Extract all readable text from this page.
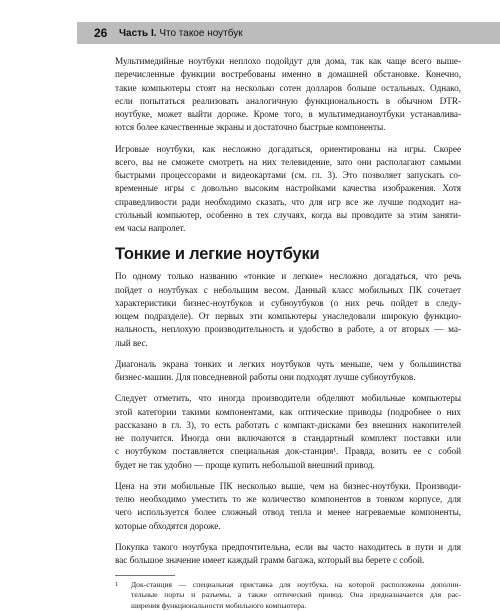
26	Часть I. Что такое ноутбук

Мультимедийные ноутбуки неплохо подойдут для дома, так как чаще всего выше-
перечисленные функции востребованы именно в домашней обстановке. Конечно,
такие компьютеры стоят на несколько сотен долларов больше остальных. Однако,
если попытаться реализовать аналогичную функциональность в обычном DTR-
ноутбуке, может выйти дороже. Кроме того, в мультимедианоутбуки устанавлива-
ются более качественные экраны и достаточно быстрые компоненты.

Игровые ноутбуки, как несложно догадаться, ориентированы на игры. Скорее
всего, вы не сможете смотреть на них телевидение, зато они располагают самыми
быстрыми процессорами и видеокартами (см. гл. 3). Это позволяет запускать со-
временные игры с довольно высоким настройками качества изображения. Хотя
справедливости ради необходимо сказать, что для игр все же лучше подходит на-
стольный компьютер, особенно в тех случаях, когда вы проводите за этим заняти-
ем часы напролет.

Тонкие и легкие ноутбуки

По одному только названию «тонкие и легкие» несложно догадаться, что речь
пойдет о ноутбуках с небольшим весом. Данный класс мобильных ПК сочетает
характеристики бизнес-ноутбуков и субноутбуков (о них речь пойдет в следу-
ющем подразделе). От первых эти компьютеры унаследовали широкую функцио-
нальность, неплохую производительность и удобство в работе, а от вторых — ма-
лый вес.

Диагональ экрана тонких и легких ноутбуков чуть меньше, чем у большинства
бизнес-машин. Для повседневной работы они подходят лучше субноутбуков.

Следует отметить, что иногда производители обделяют мобильные компьютеры
этой категории такими компонентами, как оптические приводы (подробнее о них
рассказано в гл. 3), то есть работать с компакт-дисками без внешних накопителей
не получится. Иногда они включаются в стандартный комплект поставки или
с ноутбуком поставляется специальная док-станция¹. Правда, возить ее с собой
будет не так удобно — проще купить небольшой внешний привод.

Цена на эти мобильные ПК несколько выше, чем на бизнес-ноутбуки. Производи-
телю необходимо уместить то же количество компонентов в тонком корпусе, для
чего используется более сложный отвод тепла и менее нагреваемые компоненты,
которые обходятся дороже.

Покупка такого ноутбука предпочтительна, если вы часто находитесь в пути и для
вас большое значение имеет каждый грамм багажа, который вы берете с собой.

1	Док-станция — специальная приставка для ноутбука, на которой расположены дополни-
тельные порты и разъемы, а также оптический привод. Она предназначается для рас-
ширения функциональности мобильного компьютера.
